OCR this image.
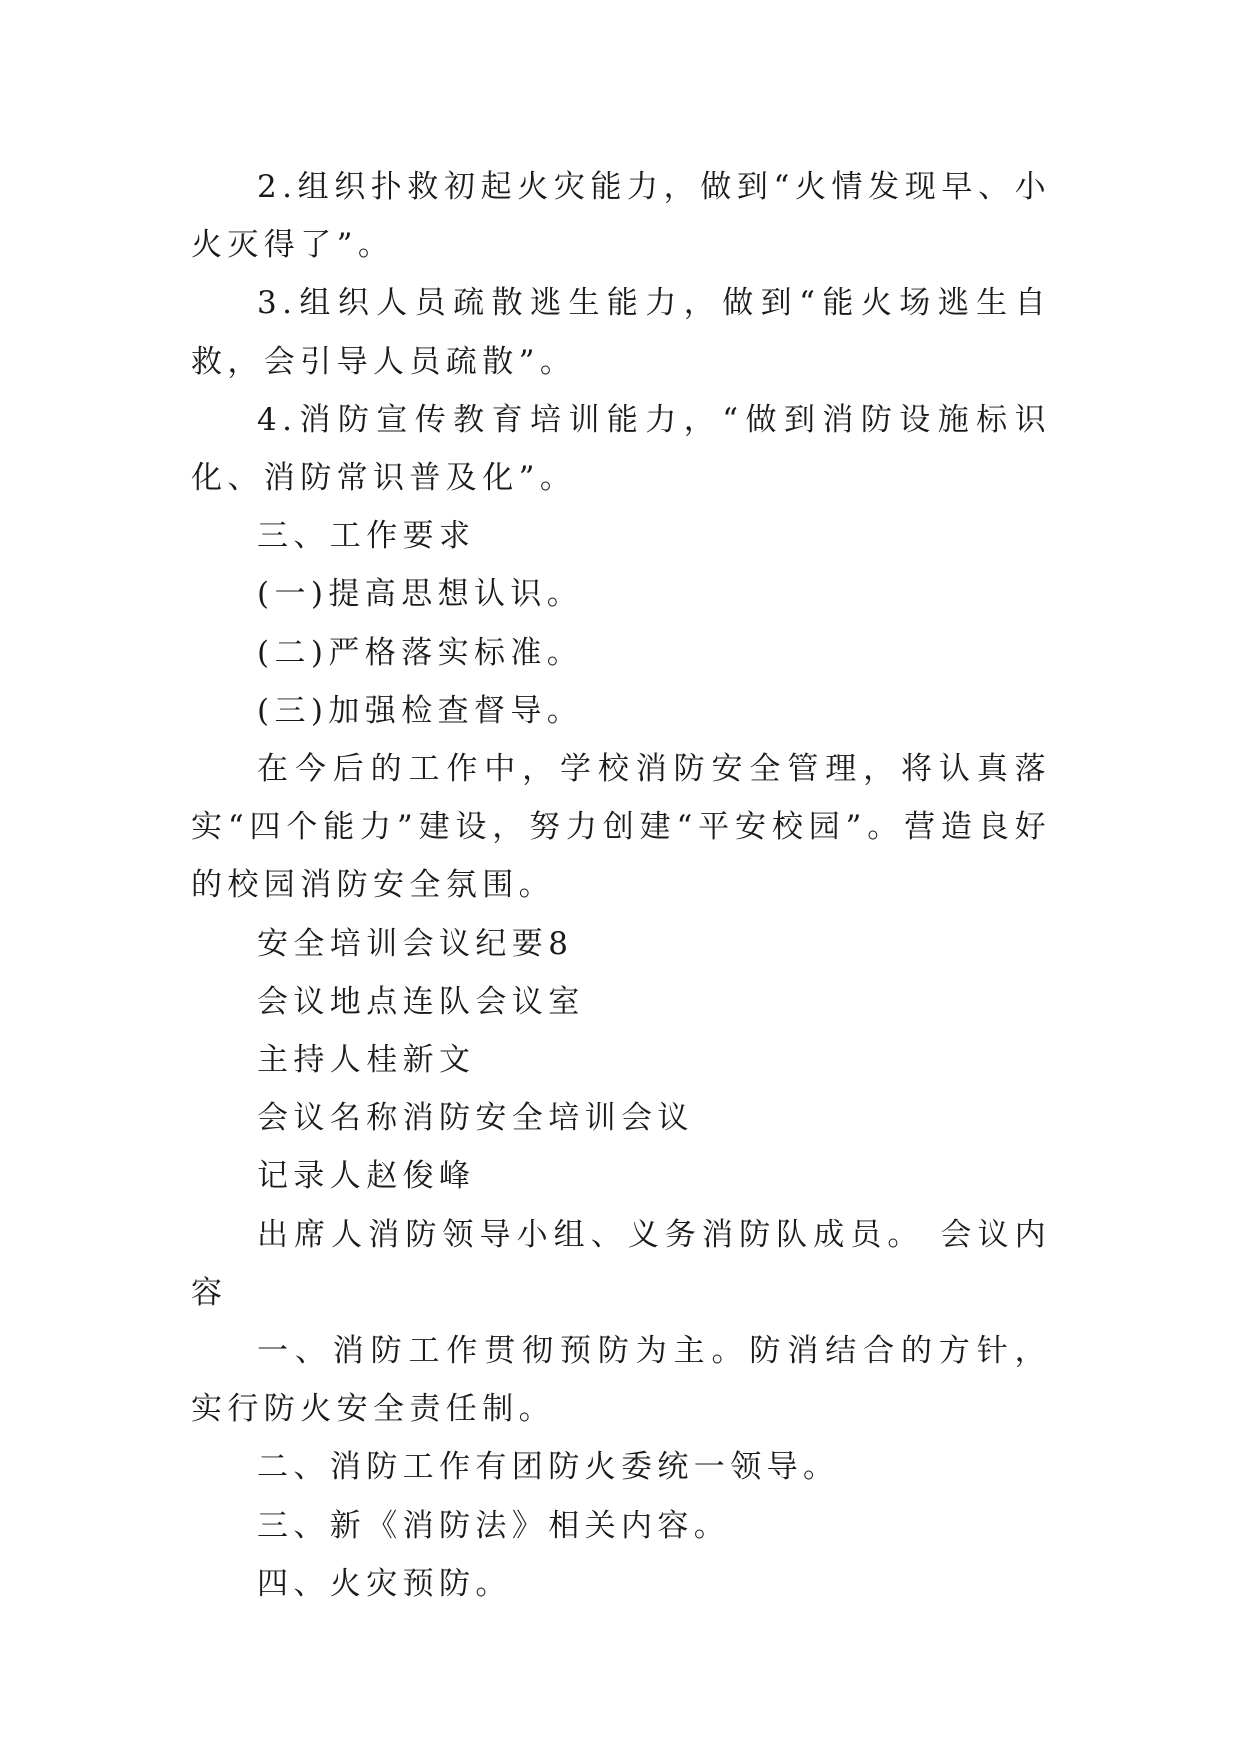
2.组织扑救初起火灾能力，做到“火情发现早、小火灭得了”。

3.组织人员疏散逃生能力，做到“能火场逃生自救，会引导人员疏散”。

4.消防宣传教育培训能力，“做到消防设施标识化、消防常识普及化”。

三、工作要求

(一)提高思想认识。

(二)严格落实标准。

(三)加强检查督导。

在今后的工作中，学校消防安全管理，将认真落实“四个能力”建设，努力创建“平安校园”。营造良好的校园消防安全氛围。

安全培训会议纪要8

会议地点连队会议室

主持人桂新文

会议名称消防安全培训会议

记录人赵俊峰

出席人消防领导小组、义务消防队成员。 会议内容

一、消防工作贯彻预防为主。防消结合的方针，实行防火安全责任制。

二、消防工作有团防火委统一领导。

三、新《消防法》相关内容。

四、火灾预防。
